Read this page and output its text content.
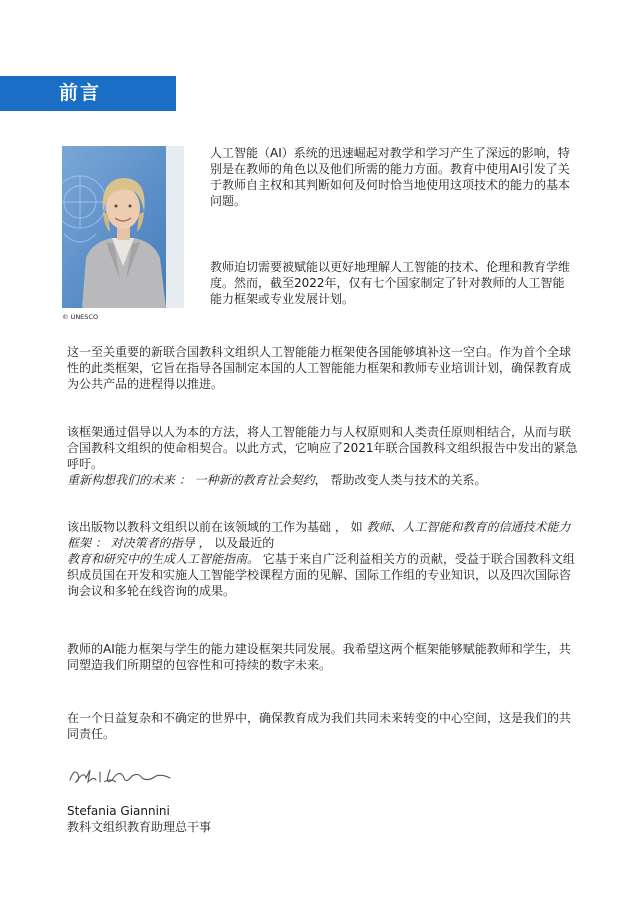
前言
© UNESCO

人工智能（AI）系统的迅速崛起对教学和学习产生了深远的影响，特别是在教师的角色以及他们所需的能力方面。教育中使用AI引发了关于教师自主权和其判断如何及何时恰当地使用这项技术的能力的基本问题。

教师迫切需要被赋能以更好地理解人工智能的技术、伦理和教育学维度。然而，截至2022年，仅有七个国家制定了针对教师的人工智能能力框架或专业发展计划。

这一至关重要的新联合国教科文组织人工智能能力框架使各国能够填补这一空白。作为首个全球性的此类框架，它旨在指导各国制定本国的人工智能能力框架和教师专业培训计划，确保教育成为公共产品的进程得以推进。

该框架通过倡导以人为本的方法，将人工智能能力与人权原则和人类责任原则相结合，从而与联合国教科文组织的使命相契合。以此方式，它响应了2021年联合国教科文组织报告中发出的紧急呼吁。
重新构想我们的未来 ： 一种新的教育社会契约， 帮助改变人类与技术的关系。

该出版物以教科文组织以前在该领域的工作为基础 ， 如 教师、人工智能和教育的信通技术能力框架 ： 对决策者的指导 ， 以及最近的
教育和研究中的生成人工智能指南。 它基于来自广泛利益相关方的贡献，受益于联合国教科文组织成员国在开发和实施人工智能学校课程方面的见解、国际工作组的专业知识，以及四次国际咨询会议和多轮在线咨询的成果。

教师的AI能力框架与学生的能力建设框架共同发展。我希望这两个框架能够赋能教师和学生，共同塑造我们所期望的包容性和可持续的数字未来。

在一个日益复杂和不确定的世界中，确保教育成为我们共同未来转变的中心空间，这是我们的共同责任。

Stefania Giannini
教科文组织教育助理总干事
